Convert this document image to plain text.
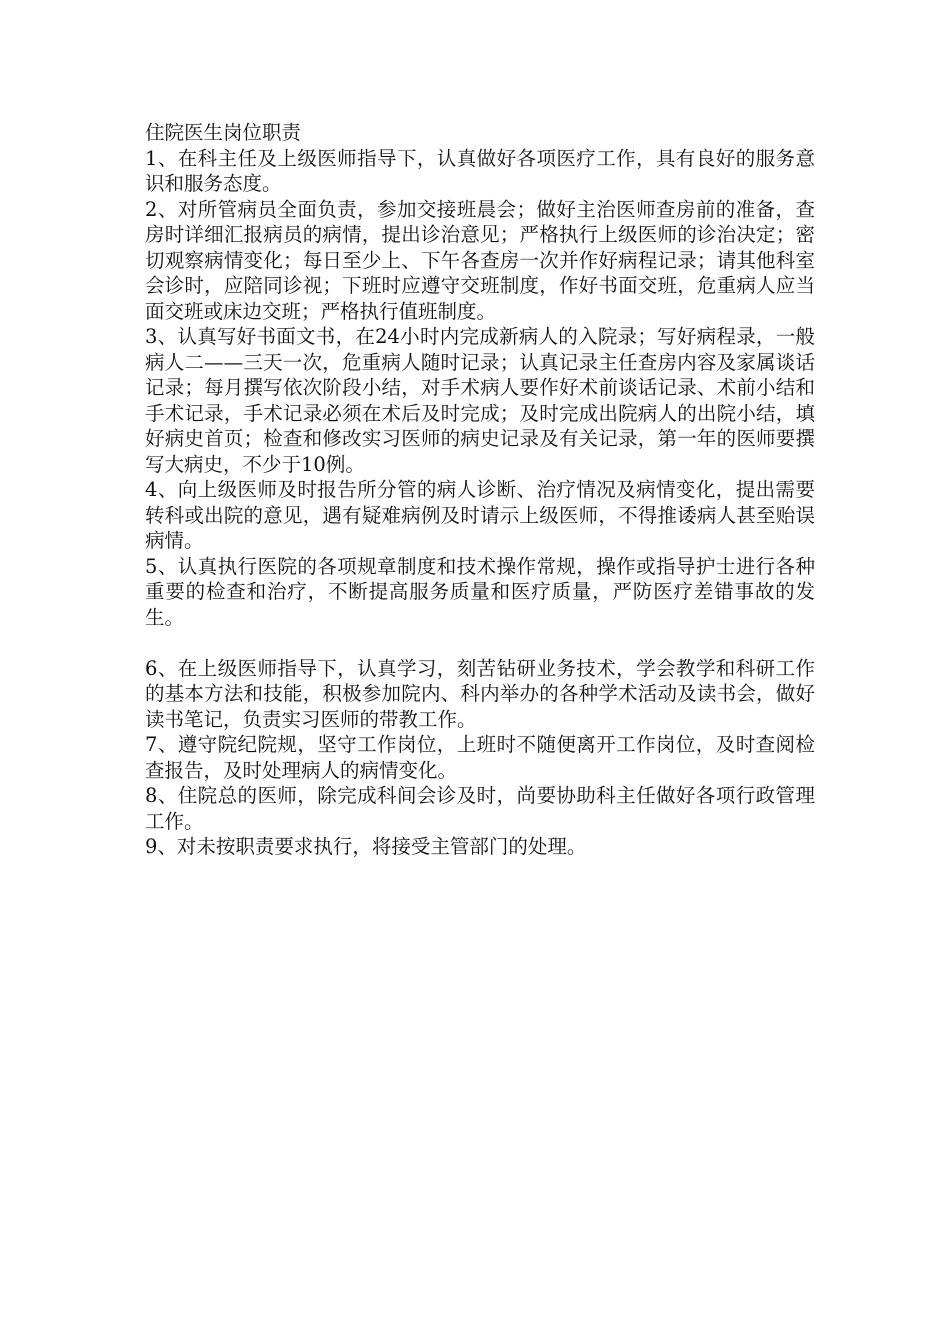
住院医生岗位职责

1、在科主任及上级医师指导下，认真做好各项医疗工作，具有良好的服务意识和服务态度。

2、对所管病员全面负责，参加交接班晨会；做好主治医师查房前的准备，查房时详细汇报病员的病情，提出诊治意见；严格执行上级医师的诊治决定；密切观察病情变化；每日至少上、下午各查房一次并作好病程记录；请其他科室会诊时，应陪同诊视；下班时应遵守交班制度，作好书面交班，危重病人应当面交班或床边交班；严格执行值班制度。

3、认真写好书面文书，在24小时内完成新病人的入院录；写好病程录，一般病人二——三天一次，危重病人随时记录；认真记录主任查房内容及家属谈话记录；每月撰写依次阶段小结，对手术病人要作好术前谈话记录、术前小结和手术记录，手术记录必须在术后及时完成；及时完成出院病人的出院小结，填好病史首页；检查和修改实习医师的病史记录及有关记录，第一年的医师要撰写大病史，不少于10例。

4、向上级医师及时报告所分管的病人诊断、治疗情况及病情变化，提出需要转科或出院的意见，遇有疑难病例及时请示上级医师，不得推诿病人甚至贻误病情。

5、认真执行医院的各项规章制度和技术操作常规，操作或指导护士进行各种重要的检查和治疗，不断提高服务质量和医疗质量，严防医疗差错事故的发生。

6、在上级医师指导下，认真学习，刻苦钻研业务技术，学会教学和科研工作的基本方法和技能，积极参加院内、科内举办的各种学术活动及读书会，做好读书笔记，负责实习医师的带教工作。

7、遵守院纪院规，坚守工作岗位，上班时不随便离开工作岗位，及时查阅检查报告，及时处理病人的病情变化。

8、住院总的医师，除完成科间会诊及时，尚要协助科主任做好各项行政管理工作。

9、对未按职责要求执行，将接受主管部门的处理。
